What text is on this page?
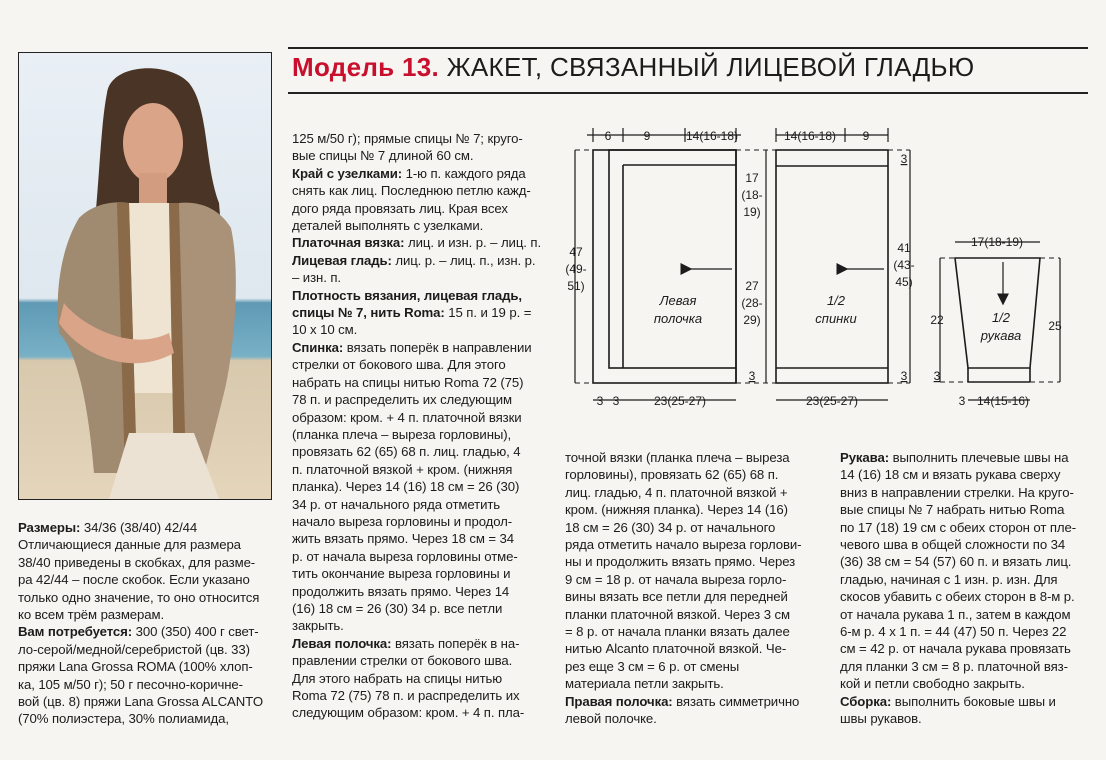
Модель 13. ЖАКЕТ, СВЯЗАННЫЙ ЛИЦЕВОЙ ГЛАДЬЮ
Размеры: 34/36 (38/40) 42/44
Отличающиеся данные для размера
38/40 приведены в скобках, для разме-
ра 42/44 – после скобок. Если указано
только одно значение, то оно относится
ко всем трём размерам.
Вам потребуется: 300 (350) 400 г свет-
ло-серой/медной/серебристой (цв. 33)
пряжи Lana Grossa ROMA (100% хлоп-
ка, 105 м/50 г); 50 г песочно-коричне-
вой (цв. 8) пряжи Lana Grossa ALCANTO
(70% полиэстера, 30% полиамида,
125 м/50 г); прямые спицы № 7; круго-
вые спицы № 7 длиной 60 см.
Край с узелками: 1-ю п. каждого ряда
снять как лиц. Последнюю петлю кажд-
дого ряда провязать лиц. Края всех
деталей выполнять с узелками.
Платочная вязка: лиц. и изн. р. – лиц. п.
Лицевая гладь: лиц. р. – лиц. п., изн. р.
– изн. п.
Плотность вязания, лицевая гладь,
спицы № 7, нить Roma: 15 п. и 19 р. =
10 х 10 см.
Спинка: вязать поперёк в направлении
стрелки от бокового шва. Для этого
набрать на спицы нитью Roma 72 (75)
78 п. и распределить их следующим
образом: кром. + 4 п. платочной вязки
(планка плеча – выреза горловины),
провязать 62 (65) 68 п. лиц. гладью, 4
п. платочной вязкой + кром. (нижняя
планка). Через 14 (16) 18 см = 26 (30)
34 р. от начального ряда отметить
начало выреза горловины и продол-
жить вязать прямо. Через 18 см = 34
р. от начала выреза горловины отме-
тить окончание выреза горловины и
продолжить вязать прямо. Через 14
(16) 18 см = 26 (30) 34 р. все петли
закрыть.
Левая полочка: вязать поперёк в на-
правлении стрелки от бокового шва.
Для этого набрать на спицы нитью
Roma 72 (75) 78 п. и распределить их
следующим образом: кром. + 4 п. пла-
точной вязки (планка плеча – выреза
горловины), провязать 62 (65) 68 п.
лиц. гладью, 4 п. платочной вязкой +
кром. (нижняя планка). Через 14 (16)
18 см = 26 (30) 34 р. от начального
ряда отметить начало выреза горлови-
ны и продолжить вязать прямо. Через
9 см = 18 р. от начала выреза горло-
вины вязать все петли для передней
планки платочной вязкой. Через 3 см
= 8 р. от начала планки вязать далее
нитью Alcanto платочной вязкой. Че-
рез еще 3 см = 6 р. от смены
материала петли закрыть.
Правая полочка: вязать симметрично
левой полочке.
Рукава: выполнить плечевые швы на
14 (16) 18 см и вязать рукава сверху
вниз в направлении стрелки. На кругo-
вые спицы № 7 набрать нитью Roma
по 17 (18) 19 см с обеих сторон от пле-
чевого шва в общей сложности по 34
(36) 38 см = 54 (57) 60 п. и вязать лиц.
гладью, начиная с 1 изн. р. изн. Для
скосов убавить с обеих сторон в 8-м р.
от начала рукава 1 п., затем в каждом
6-м р. 4 х 1 п. = 44 (47) 50 п. Через 22
см = 42 р. от начала рукава провязать
для планки 3 см = 8 р. платочной вяз-
кой и петли свободно закрыть.
Сборка: выполнить боковые швы и
швы рукавов.
6	9	14(16-18)
47
(49-
51)
17
(18-
19)
27
(28-
29)
3
3 3	23(25-27)
14(16-18) 9
3
3
41
(43-
45)
23(25-27)
17(18-19)
22	25
3
3 14(15-16)
Левая
полочка
1/2
спинки	1/2
рукава
